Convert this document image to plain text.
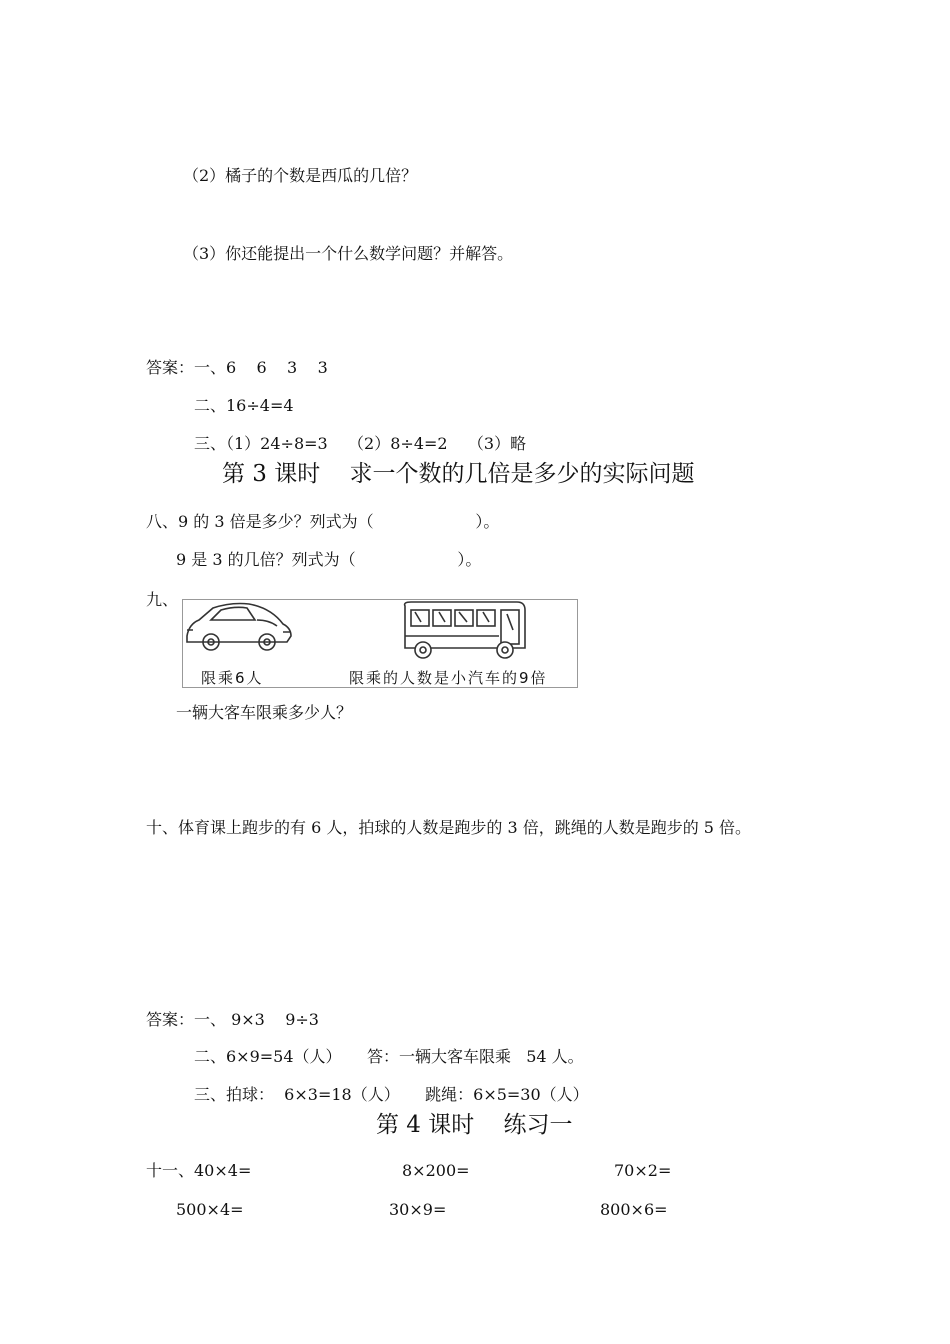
（2）橘子的个数是西瓜的几倍？
（3）你还能提出一个什么数学问题？并解答。
答案：一、6    6    3    3
二、16÷4=4
三、（1）24÷8=3    （2）8÷4=2    （3）略
第 3 课时    求一个数的几倍是多少的实际问题
八、9 的 3 倍是多少？列式为（                    ）。
9 是 3 的几倍？列式为（                    ）。
九、
限乘6人	限乘的人数是小汽车的9倍
一辆大客车限乘多少人？
十、体育课上跑步的有 6 人，拍球的人数是跑步的 3 倍，跳绳的人数是跑步的 5 倍。
答案：一、 9×3    9÷3
二、6×9=54（人）     答：一辆大客车限乘   54 人。
三、拍球：  6×3=18（人）     跳绳：6×5=30（人）
第 4 课时    练习一
十一、 40×4=	8×200=	70×2=
500×4=	30×9=	800×6=
